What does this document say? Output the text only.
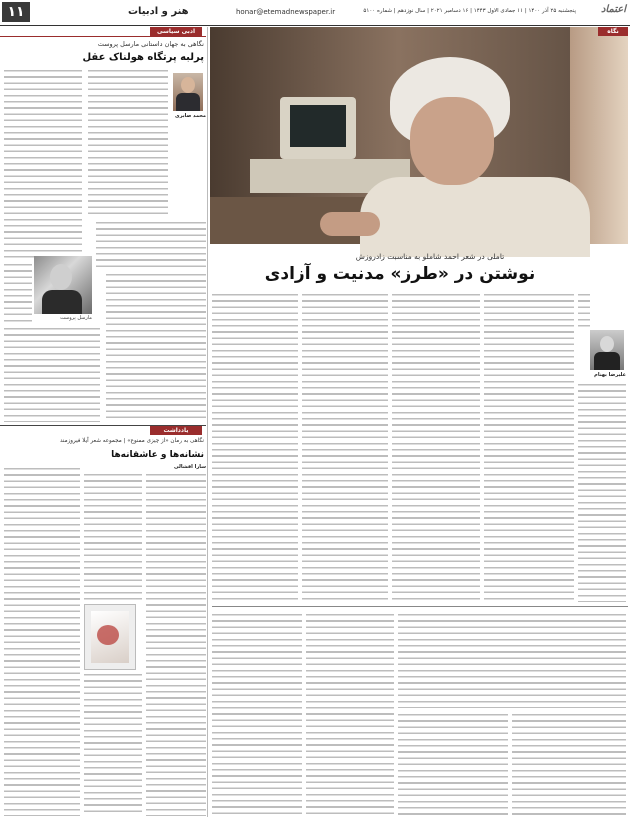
۱۱	هنر و ادبیات	honar@etemadnewspaper.ir	پنجشنبه ۲۵ آذر ۱۴۰۰ | ۱۱ جمادی الاول ۱۴۴۳ | ۱۶ دسامبر ۲۰۲۱ | سال نوزدهم | شماره ۵۱۰۰	اعتماد
ادبی سیاسی
نگاهی به جهان داستانی مارسل پروست
پرلبه پرتگاه هولناک عقل
محمد صابری
مارسل پروست
یادداشت
نگاهی به رمان «از چیزی ممنوع» | مجموعه شعر آیلا فیروزمند
نشانه‌ها و عاشقانه‌ها
سارا افشالی
نگاه
تاملی در شعر احمد شاملو به مناسبت زادروزش
نوشتن در «طرز» مدنیت و آزادی
علیرضا بهنام
